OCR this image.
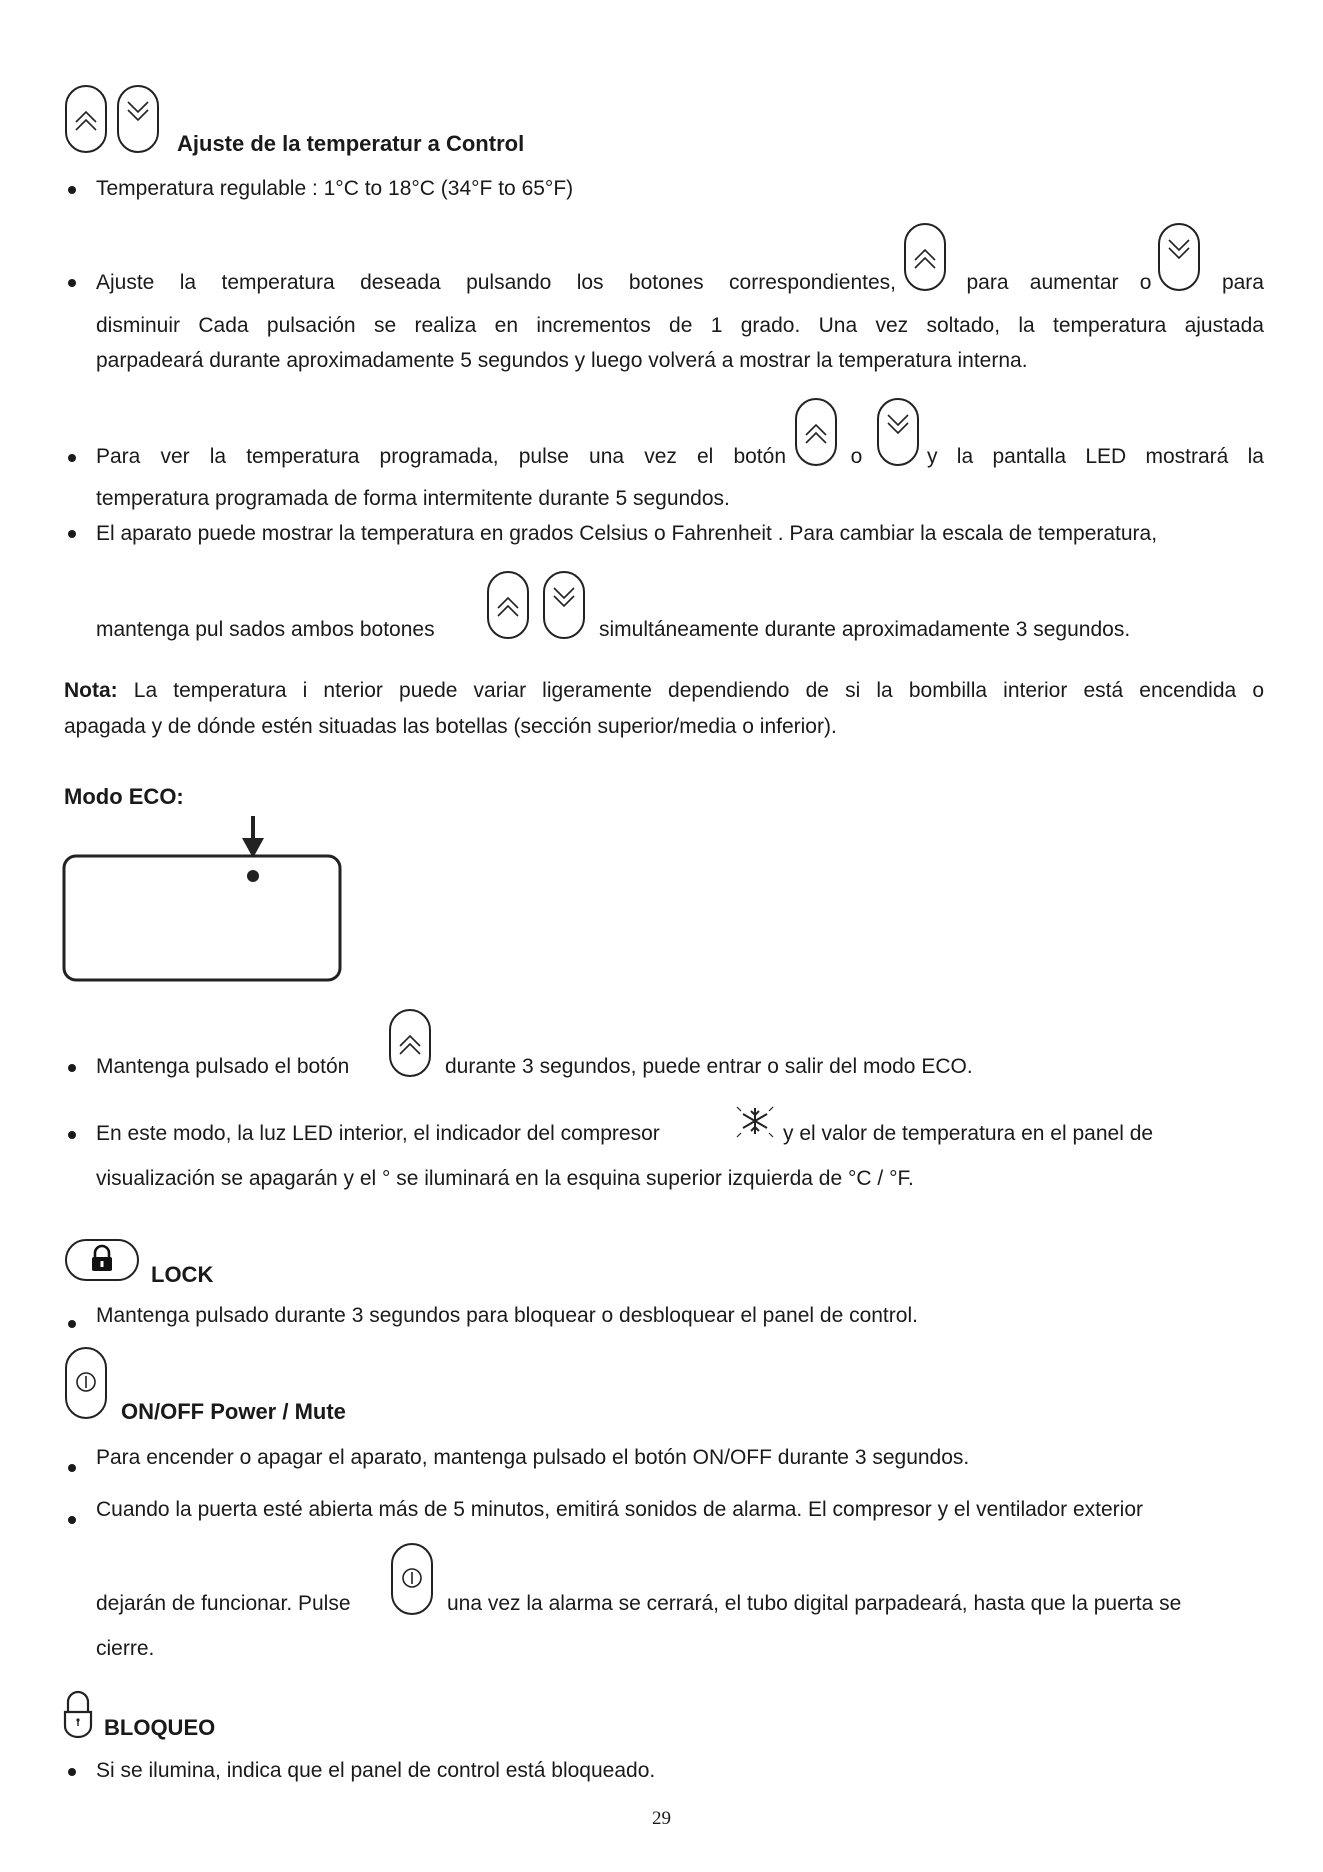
Ajuste de la temperatur a Control
Temperatura regulable : 1°C to 18°C (34°F to 65°F)
Ajuste la temperatura deseada pulsando los botones correspondientes,	para aumentar o	para
disminuir Cada pulsación se realiza en incrementos de 1 grado. Una vez soltado, la temperatura ajustada
parpadeará durante aproximadamente 5 segundos y luego volverá a mostrar la temperatura interna.
Para ver la temperatura programada, pulse una vez el botón	o	y la pantalla LED mostrará la
temperatura programada de forma intermitente durante 5 segundos.
El aparato puede mostrar la temperatura en grados Celsius o Fahrenheit . Para cambiar la escala de temperatura,
mantenga pul sados ambos botones	simultáneamente durante aproximadamente 3 segundos.
Nota: La temperatura i nterior puede variar ligeramente dependiendo de si la bombilla interior está encendida o
apagada y de dónde estén situadas las botellas (sección superior/media o inferior).
Modo ECO:
Mantenga pulsado el botón	durante 3 segundos, puede entrar o salir del modo ECO.
En este modo, la luz LED interior, el indicador del compresor	y el valor de temperatura en el panel de
visualización se apagarán y el ° se iluminará en la esquina superior izquierda de °C / °F.
LOCK
Mantenga pulsado durante 3 segundos para bloquear o desbloquear el panel de control.
ON/OFF Power / Mute
Para encender o apagar el aparato, mantenga pulsado el botón ON/OFF durante 3 segundos.
Cuando la puerta esté abierta más de 5 minutos, emitirá sonidos de alarma. El compresor y el ventilador exterior
dejarán de funcionar. Pulse	una vez la alarma se cerrará, el tubo digital parpadeará, hasta que la puerta se
cierre.
BLOQUEO
Si se ilumina, indica que el panel de control está bloqueado.
29
